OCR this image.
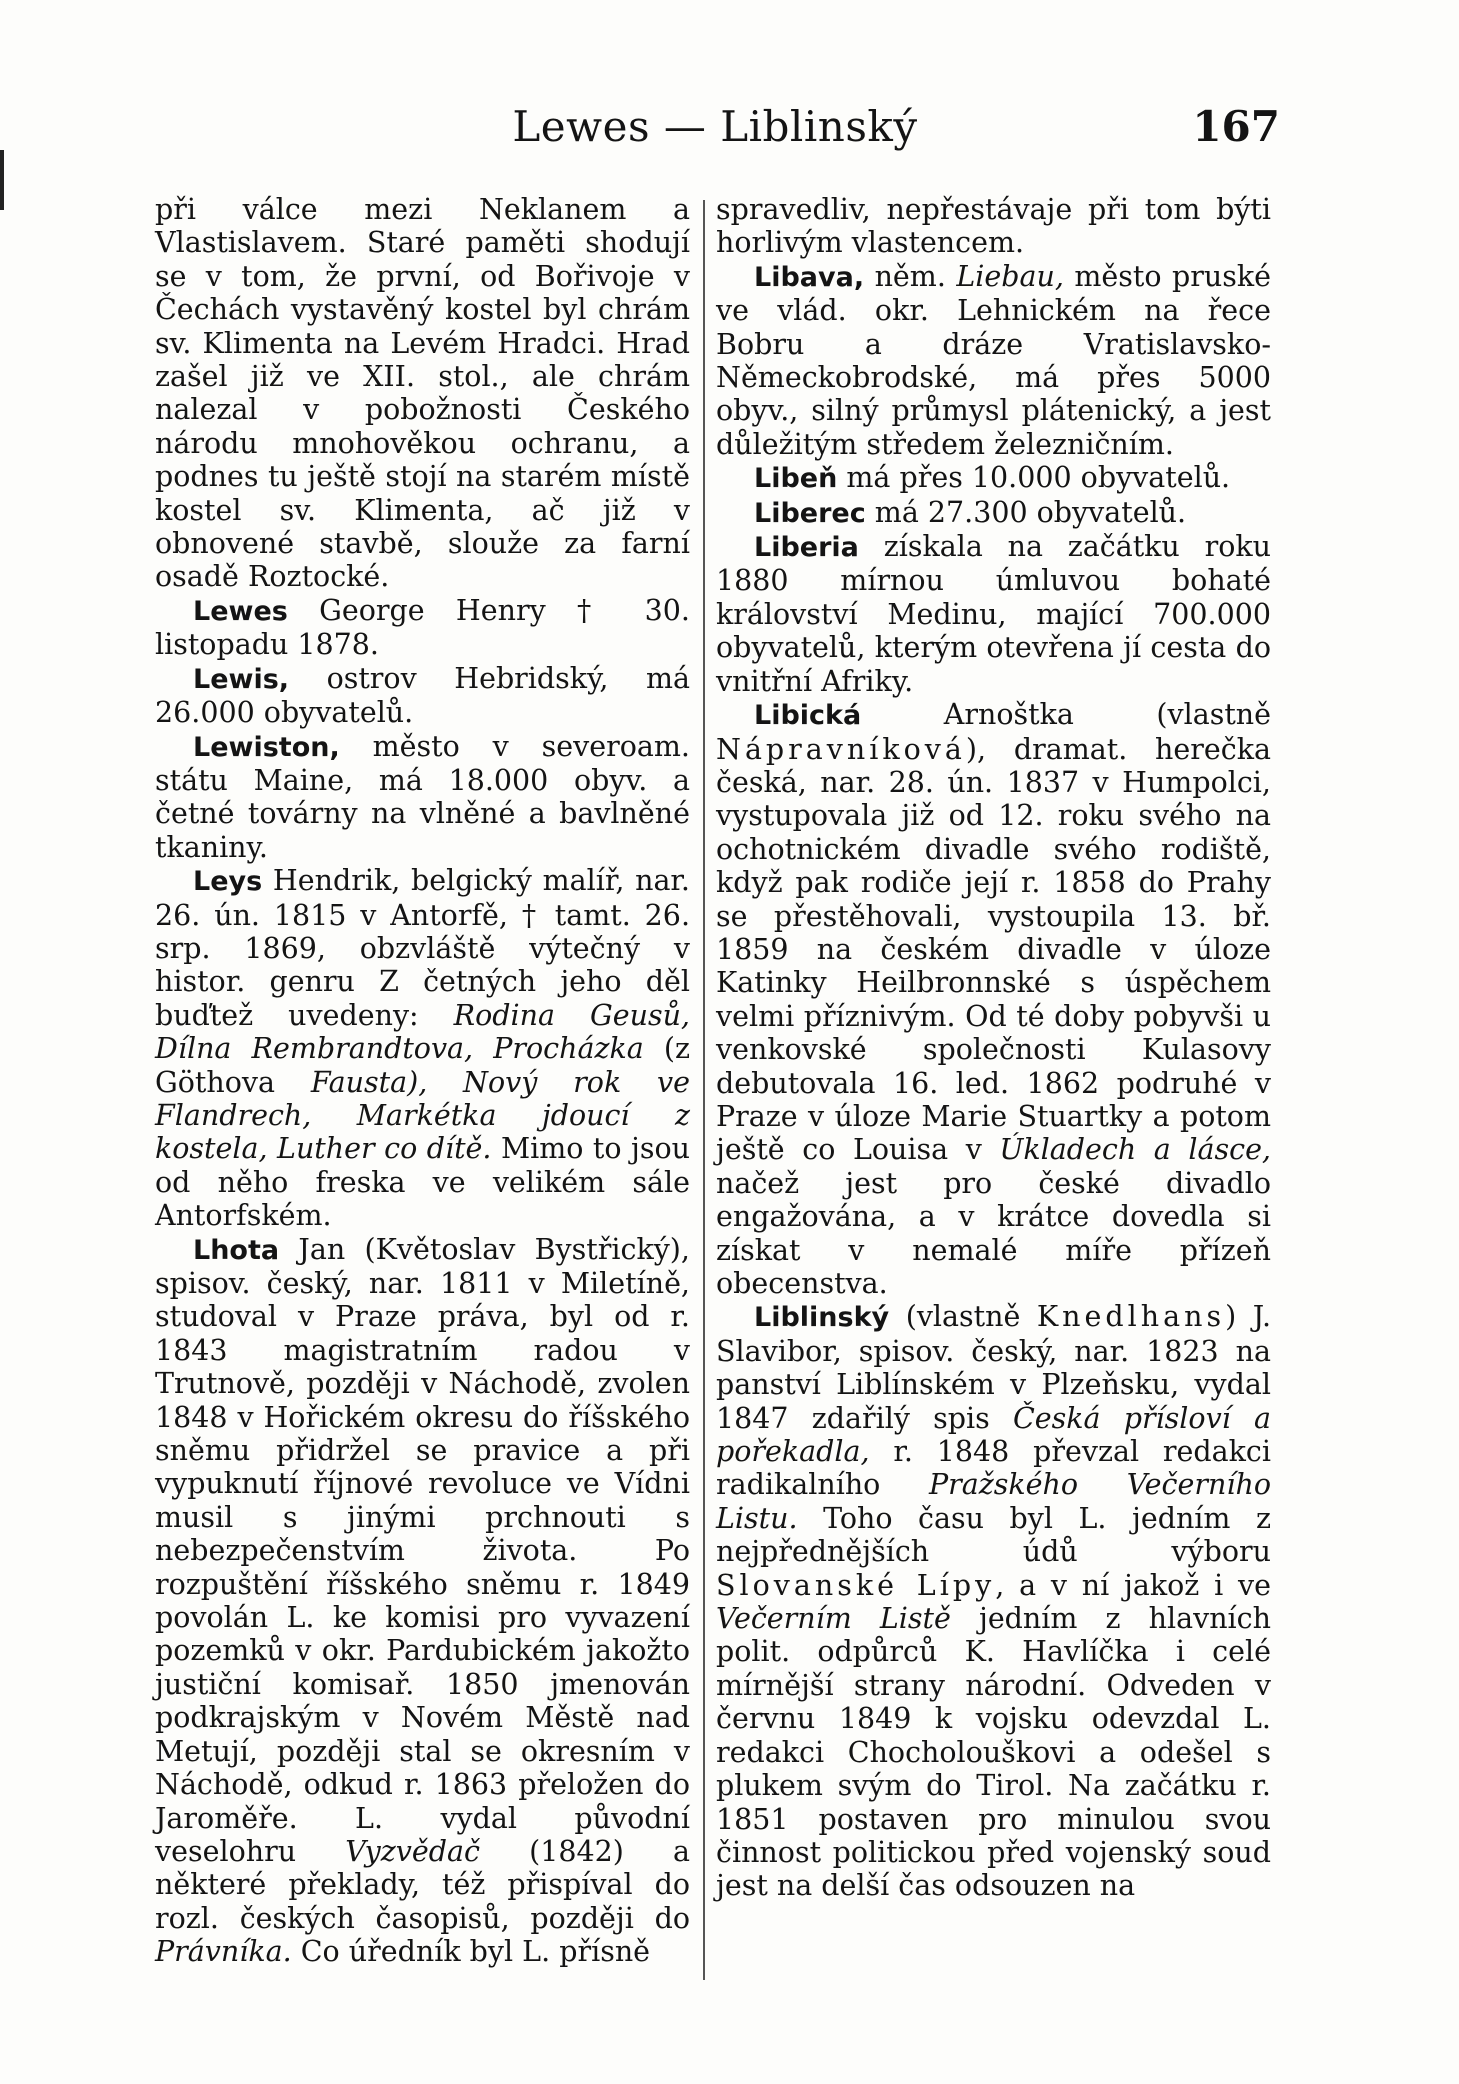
Lewes — Liblinský	167

při válce mezi Neklanem a Vlastislavem. Staré paměti shodují se v tom, že první, od Bořivoje v Čechách vystavěný kostel byl chrám sv. Klimenta na Levém Hradci. Hrad zašel již ve XII. stol., ale chrám nalezal v pobožnosti Českého národu mnohověkou ochranu, a podnes tu ještě stojí na starém místě kostel sv. Klimenta, ač již v obnovené stavbě, slouže za farní osadě Roztocké.

Lewes George Henry † 30. listopadu 1878.

Lewis, ostrov Hebridský, má 26.000 obyvatelů.

Lewiston, město v severoam. státu Maine, má 18.000 obyv. a četné továrny na vlněné a bavlněné tkaniny.

Leys Hendrik, belgický malíř, nar. 26. ún. 1815 v Antorfě, † tamt. 26. srp. 1869, obzvláště výtečný v histor. genru Z četných jeho děl buďtež uvedeny: Rodina Geusů, Dílna Rembrandtova, Procházka (z Göthova Fausta), Nový rok ve Flandrech, Markétka jdoucí z kostela, Luther co dítě. Mimo to jsou od něho freska ve velikém sále Antorfském.

Lhota Jan (Květoslav Bystřický), spisov. český, nar. 1811 v Miletíně, studoval v Praze práva, byl od r. 1843 magistratním radou v Trutnově, později v Náchodě, zvolen 1848 v Hořickém okresu do říšského sněmu přidržel se pravice a při vypuknutí říjnové revoluce ve Vídni musil s jinými prchnouti s nebezpečenstvím života. Po rozpuštění říšského sněmu r. 1849 povolán L. ke komisi pro vyvazení pozemků v okr. Pardubickém jakožto justiční komisař. 1850 jmenován podkrajským v Novém Městě nad Metují, později stal se okresním v Náchodě, odkud r. 1863 přeložen do Jaroměře. L. vydal původní veselohru Vyzvědač (1842) a některé překlady, též přispíval do rozl. českých časopisů, později do Právníka. Co úředník byl L. přísně

spravedliv, nepřestávaje při tom býti horlivým vlastencem.

Libava, něm. Liebau, město pruské ve vlád. okr. Lehnickém na řece Bobru a dráze Vratislavsko-Německobrodské, má přes 5000 obyv., silný průmysl plátenický, a jest důležitým středem železničním.

Libeň má přes 10.000 obyvatelů.

Liberec má 27.300 obyvatelů.

Liberia získala na začátku roku 1880 mírnou úmluvou bohaté království Medinu, mající 700.000 obyvatelů, kterým otevřena jí cesta do vnitřní Afriky.

Libická Arnoštka (vlastně Nápravníková), dramat. herečka česká, nar. 28. ún. 1837 v Humpolci, vystupovala již od 12. roku svého na ochotnickém divadle svého rodiště, když pak rodiče její r. 1858 do Prahy se přestěhovali, vystoupila 13. bř. 1859 na českém divadle v úloze Katinky Heilbronnské s úspěchem velmi příznivým. Od té doby pobyvši u venkovské společnosti Kulasovy debutovala 16. led. 1862 podruhé v Praze v úloze Marie Stuartky a potom ještě co Louisa v Úkladech a lásce, načež jest pro české divadlo engažována, a v krátce dovedla si získat v nemalé míře přízeň obecenstva.

Liblinský (vlastně Knedlhans) J. Slavibor, spisov. český, nar. 1823 na panství Liblínském v Plzeňsku, vydal 1847 zdařilý spis Česká přísloví a pořekadla, r. 1848 převzal redakci radikalního Pražského Večerního Listu. Toho času byl L. jedním z nejpřednějších údů výboru Slovanské Lípy, a v ní jakož i ve Večerním Listě jedním z hlavních polit. odpůrců K. Havlíčka i celé mírnější strany národní. Odveden v červnu 1849 k vojsku odevzdal L. redakci Chocholouškovi a odešel s plukem svým do Tirol. Na začátku r. 1851 postaven pro minulou svou činnost politickou před vojenský soud jest na delší čas odsouzen na
